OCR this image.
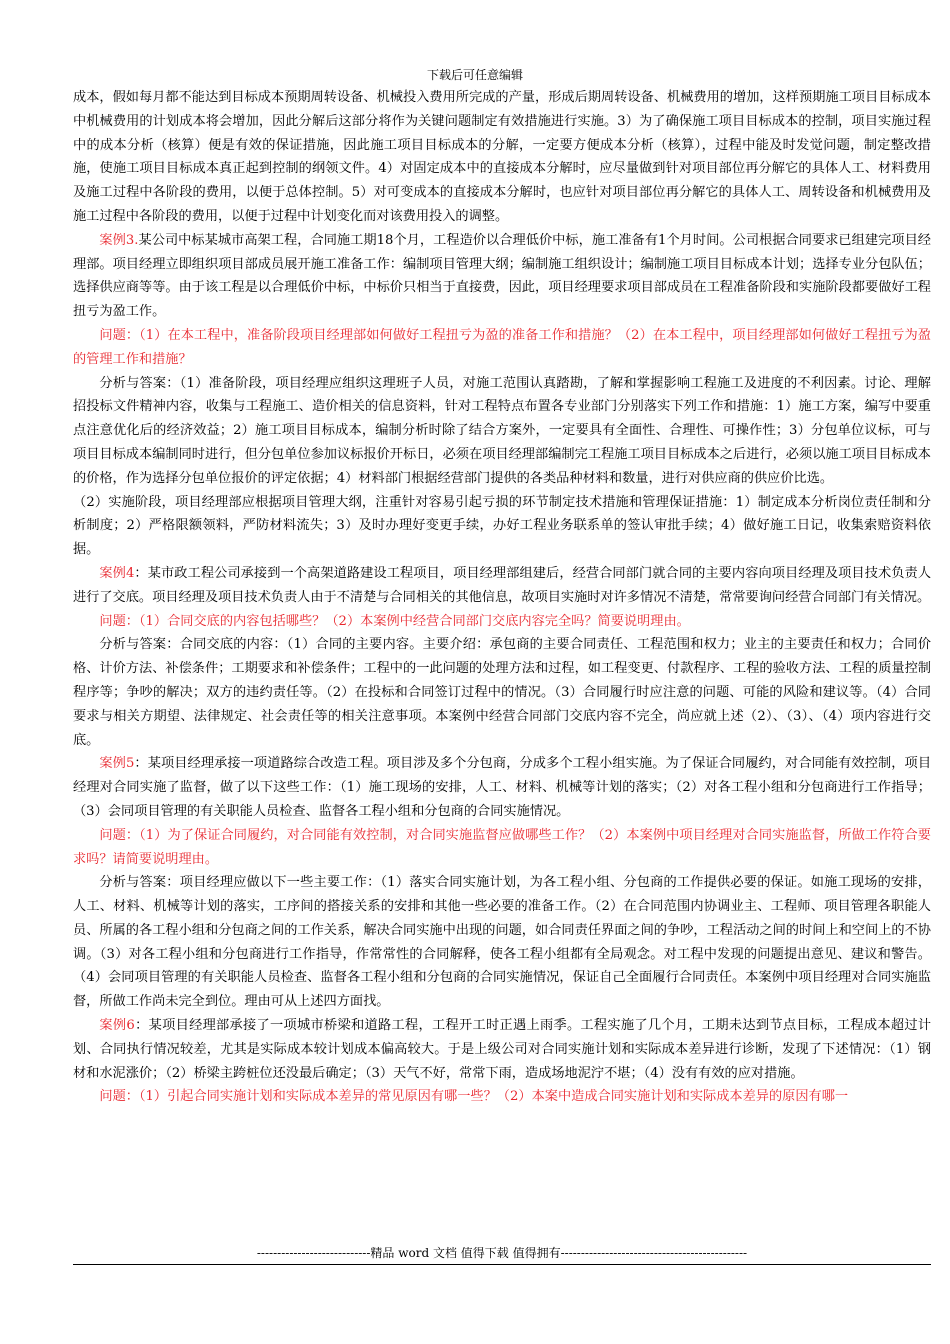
下载后可任意编辑

成本，假如每月都不能达到目标成本预期周转设备、机械投入费用所完成的产量，形成后期周转设备、机械费用的增加，这样预期施工项目目标成本中机械费用的计划成本将会增加，因此分解后这部分将作为关键问题制定有效措施进行实施。3）为了确保施工项目目标成本的控制，项目实施过程中的成本分析（核算）便是有效的保证措施，因此施工项目目标成本的分解，一定要方便成本分析（核算），过程中能及时发觉问题，制定整改措施，使施工项目目标成本真正起到控制的纲领文件。4）对固定成本中的直接成本分解时，应尽量做到针对项目部位再分解它的具体人工、材料费用及施工过程中各阶段的费用，以便于总体控制。5）对可变成本的直接成本分解时，也应针对项目部位再分解它的具体人工、周转设备和机械费用及施工过程中各阶段的费用，以便于过程中计划变化而对该费用投入的调整。

案例3.某公司中标某城市高架工程，合同施工期18个月，工程造价以合理低价中标，施工准备有1个月时间。公司根据合同要求已组建完项目经理部。项目经理立即组织项目部成员展开施工准备工作：编制项目管理大纲；编制施工组织设计；编制施工项目目标成本计划；选择专业分包队伍；选择供应商等等。由于该工程是以合理低价中标，中标价只相当于直接费，因此，项目经理要求项目部成员在工程准备阶段和实施阶段都要做好工程扭亏为盈工作。

问题：（1）在本工程中，准备阶段项目经理部如何做好工程扭亏为盈的准备工作和措施？（2）在本工程中，项目经理部如何做好工程扭亏为盈的管理工作和措施？

分析与答案：（1）准备阶段，项目经理应组织这理班子人员，对施工范围认真踏勘，了解和掌握影响工程施工及进度的不利因素。讨论、理解招投标文件精神内容，收集与工程施工、造价相关的信息资料，针对工程特点布置各专业部门分别落实下列工作和措施：1）施工方案，编写中要重点注意优化后的经济效益；2）施工项目目标成本，编制分析时除了结合方案外，一定要具有全面性、合理性、可操作性；3）分包单位议标，可与项目目标成本编制同时进行，但分包单位参加议标报价开标日，必须在项目经理部编制完工程施工项目目标成本之后进行，必须以施工项目目标成本的价格，作为选择分包单位报价的评定依据；4）材料部门根据经营部门提供的各类品种材料和数量，进行对供应商的供应价比选。

（2）实施阶段，项目经理部应根据项目管理大纲，注重针对容易引起亏损的环节制定技术措施和管理保证措施：1）制定成本分析岗位责任制和分析制度；2）严格限额领料，严防材料流失；3）及时办理好变更手续，办好工程业务联系单的签认审批手续；4）做好施工日记，收集索赔资料依据。

案例4：某市政工程公司承接到一个高架道路建设工程项目，项目经理部组建后，经营合同部门就合同的主要内容向项目经理及项目技术负责人进行了交底。项目经理及项目技术负责人由于不清楚与合同相关的其他信息，故项目实施时对许多情况不清楚，常常要询问经营合同部门有关情况。

问题：（1）合同交底的内容包括哪些？（2）本案例中经营合同部门交底内容完全吗？简要说明理由。

分析与答案：合同交底的内容：（1）合同的主要内容。主要介绍：承包商的主要合同责任、工程范围和权力；业主的主要责任和权力；合同价格、计价方法、补偿条件；工期要求和补偿条件；工程中的一此问题的处理方法和过程，如工程变更、付款程序、工程的验收方法、工程的质量控制程序等；争吵的解决；双方的违约责任等。（2）在投标和合同签订过程中的情况。（3）合同履行时应注意的问题、可能的风险和建议等。（4）合同要求与相关方期望、法律规定、社会责任等的相关注意事项。本案例中经营合同部门交底内容不完全，尚应就上述（2）、（3）、（4）项内容进行交底。

案例5：某项目经理承接一项道路综合改造工程。项目涉及多个分包商，分成多个工程小组实施。为了保证合同履约，对合同能有效控制，项目经理对合同实施了监督，做了以下这些工作：（1）施工现场的安排，人工、材料、机械等计划的落实；（2）对各工程小组和分包商进行工作指导；（3）会同项目管理的有关职能人员检查、监督各工程小组和分包商的合同实施情况。

问题：（1）为了保证合同履约，对合同能有效控制，对合同实施监督应做哪些工作？（2）本案例中项目经理对合同实施监督，所做工作符合要求吗？请简要说明理由。

分析与答案：项目经理应做以下一些主要工作：（1）落实合同实施计划，为各工程小组、分包商的工作提供必要的保证。如施工现场的安排，人工、材料、机械等计划的落实，工序间的搭接关系的安排和其他一些必要的准备工作。（2）在合同范围内协调业主、工程师、项目管理各职能人员、所属的各工程小组和分包商之间的工作关系，解决合同实施中出现的问题，如合同责任界面之间的争吵，工程活动之间的时间上和空间上的不协调。（3）对各工程小组和分包商进行工作指导，作常常性的合同解释，使各工程小组都有全局观念。对工程中发现的问题提出意见、建议和警告。（4）会同项目管理的有关职能人员检查、监督各工程小组和分包商的合同实施情况，保证自己全面履行合同责任。本案例中项目经理对合同实施监督，所做工作尚未完全到位。理由可从上述四方面找。

案例6：某项目经理部承接了一项城市桥梁和道路工程，工程开工时正遇上雨季。工程实施了几个月，工期未达到节点目标，工程成本超过计划、合同执行情况较差，尤其是实际成本较计划成本偏高较大。于是上级公司对合同实施计划和实际成本差异进行诊断，发现了下述情况：（1）钢材和水泥涨价；（2）桥梁主跨桩位还没最后确定；（3）天气不好，常常下雨，造成场地泥泞不堪；（4）没有有效的应对措施。

问题：（1）引起合同实施计划和实际成本差异的常见原因有哪一些？（2）本案中造成合同实施计划和实际成本差异的原因有哪一

----------------------------精品 word 文档 值得下载 值得拥有----------------------------------------------
